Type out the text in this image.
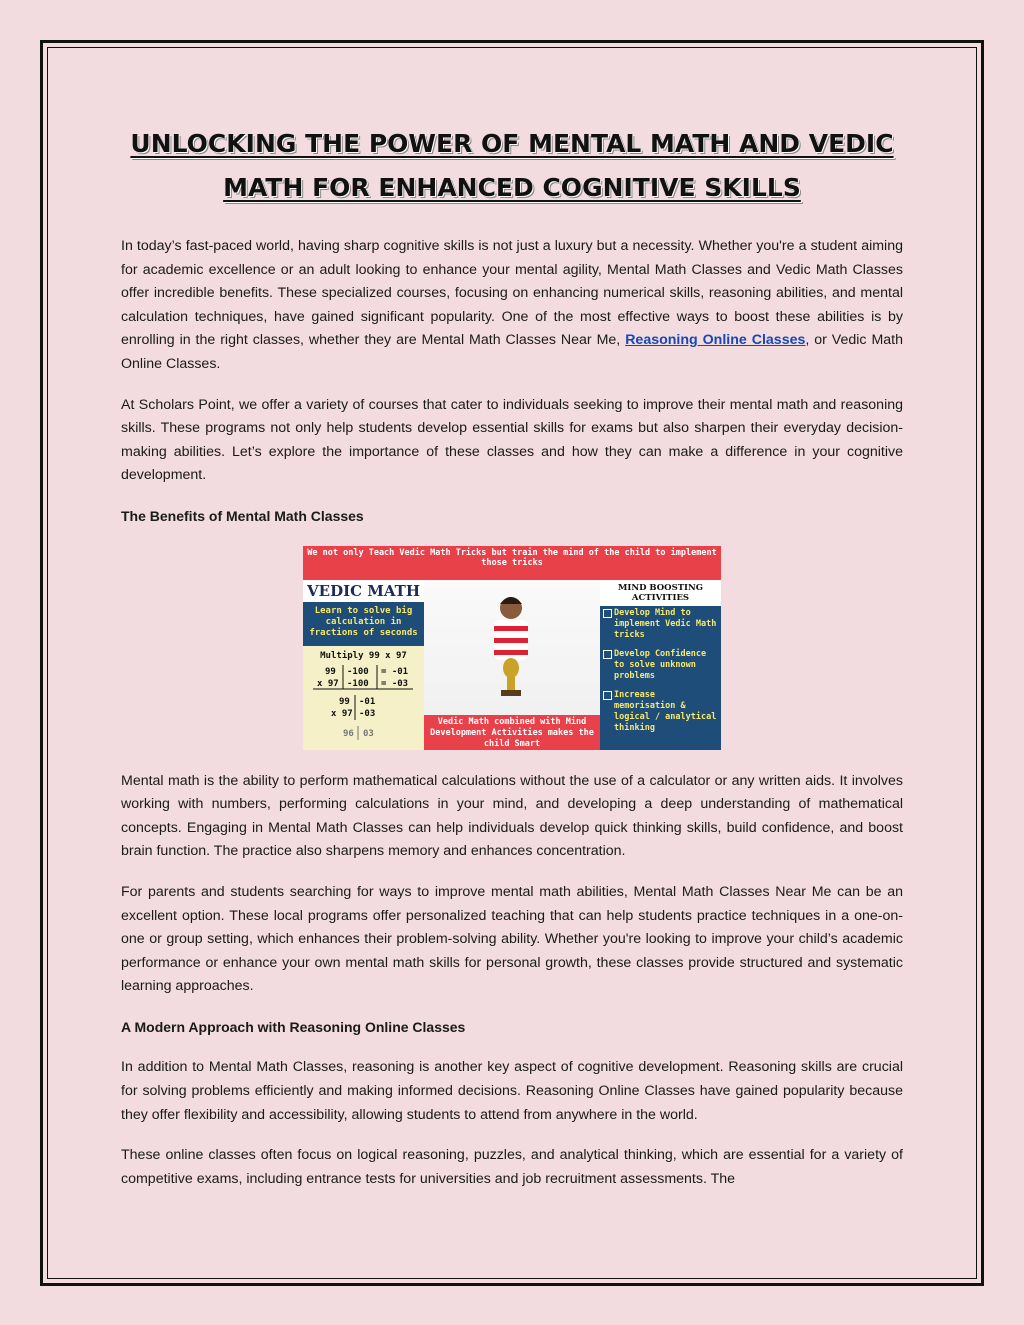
UNLOCKING THE POWER OF MENTAL MATH AND VEDIC
MATH FOR ENHANCED COGNITIVE SKILLS

In today’s fast-paced world, having sharp cognitive skills is not just a luxury but a necessity. Whether you're a student aiming for academic excellence or an adult looking to enhance your mental agility, Mental Math Classes and Vedic Math Classes offer incredible benefits. These specialized courses, focusing on enhancing numerical skills, reasoning abilities, and mental calculation techniques, have gained significant popularity. One of the most effective ways to boost these abilities is by enrolling in the right classes, whether they are Mental Math Classes Near Me, Reasoning Online Classes, or Vedic Math Online Classes.

At Scholars Point, we offer a variety of courses that cater to individuals seeking to improve their mental math and reasoning skills. These programs not only help students develop essential skills for exams but also sharpen their everyday decision-making abilities. Let’s explore the importance of these classes and how they can make a difference in your cognitive development.

The Benefits of Mental Math Classes

We not only Teach Vedic Math Tricks but train the mind of the child to implement those tricks
VEDIC MATH
Learn to solve big calculation in fractions of seconds
Multiply 99 x 97
99 -100 = -01
x 97 -100 = -03
99 -01
x 97 -03
96 03
Vedic Math combined with Mind Development Activities makes the child Smart
MIND BOOSTING ACTIVITIES
Develop Mind to implement Vedic Math tricks
Develop Confidence to solve unknown problems
Increase memorisation & logical / analytical thinking

Mental math is the ability to perform mathematical calculations without the use of a calculator or any written aids. It involves working with numbers, performing calculations in your mind, and developing a deep understanding of mathematical concepts. Engaging in Mental Math Classes can help individuals develop quick thinking skills, build confidence, and boost brain function. The practice also sharpens memory and enhances concentration.

For parents and students searching for ways to improve mental math abilities, Mental Math Classes Near Me can be an excellent option. These local programs offer personalized teaching that can help students practice techniques in a one-on-one or group setting, which enhances their problem-solving ability. Whether you're looking to improve your child’s academic performance or enhance your own mental math skills for personal growth, these classes provide structured and systematic learning approaches.

A Modern Approach with Reasoning Online Classes

In addition to Mental Math Classes, reasoning is another key aspect of cognitive development. Reasoning skills are crucial for solving problems efficiently and making informed decisions. Reasoning Online Classes have gained popularity because they offer flexibility and accessibility, allowing students to attend from anywhere in the world.

These online classes often focus on logical reasoning, puzzles, and analytical thinking, which are essential for a variety of competitive exams, including entrance tests for universities and job recruitment assessments. The
